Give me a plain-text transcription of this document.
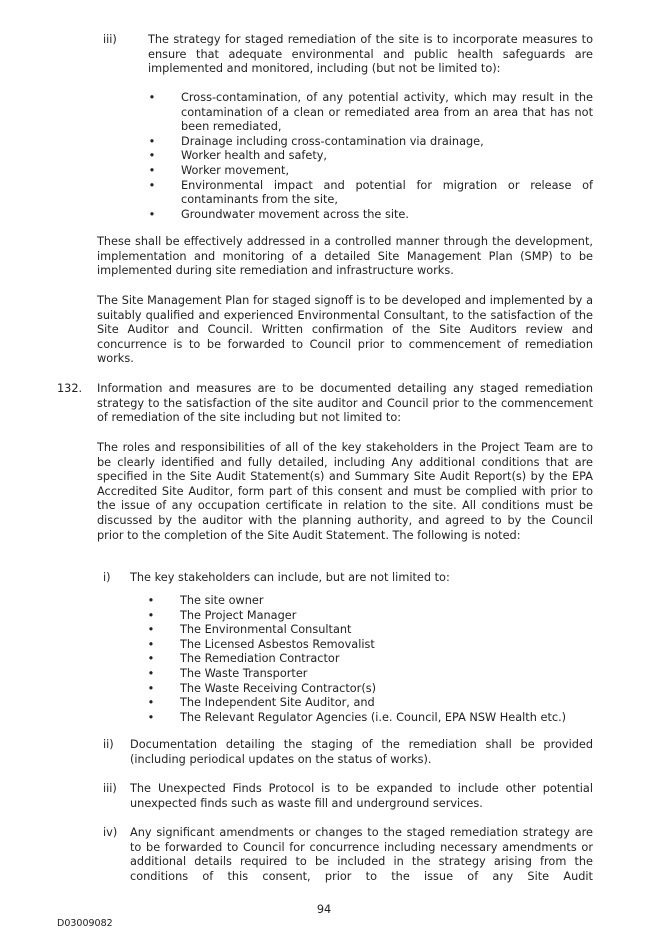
iii)	The strategy for staged remediation of the site is to incorporate measures to ensure that adequate environmental and public health safeguards are implemented and monitored, including (but not be limited to):

• Cross-contamination, of any potential activity, which may result in the contamination of a clean or remediated area from an area that has not been remediated,

• Drainage including cross-contamination via drainage,

• Worker health and safety,

• Worker movement,

• Environmental impact and potential for migration or release of contaminants from the site,

• Groundwater movement across the site.

These shall be effectively addressed in a controlled manner through the development, implementation and monitoring of a detailed Site Management Plan (SMP) to be implemented during site remediation and infrastructure works.

The Site Management Plan for staged signoff is to be developed and implemented by a suitably qualified and experienced Environmental Consultant, to the satisfaction of the Site Auditor and Council. Written confirmation of the Site Auditors review and concurrence is to be forwarded to Council prior to commencement of remediation works.

132.	Information and measures are to be documented detailing any staged remediation strategy to the satisfaction of the site auditor and Council prior to the commencement of remediation of the site including but not limited to:

The roles and responsibilities of all of the key stakeholders in the Project Team are to be clearly identified and fully detailed, including Any additional conditions that are specified in the Site Audit Statement(s) and Summary Site Audit Report(s) by the EPA Accredited Site Auditor, form part of this consent and must be complied with prior to the issue of any occupation certificate in relation to the site. All conditions must be discussed by the auditor with the planning authority, and agreed to by the Council prior to the completion of the Site Audit Statement. The following is noted:

i)	The key stakeholders can include, but are not limited to:

• The site owner

• The Project Manager

• The Environmental Consultant

• The Licensed Asbestos Removalist

• The Remediation Contractor

• The Waste Transporter

• The Waste Receiving Contractor(s)

• The Independent Site Auditor, and

• The Relevant Regulator Agencies (i.e. Council, EPA NSW Health etc.)

ii)	Documentation detailing the staging of the remediation shall be provided (including periodical updates on the status of works).

iii)	The Unexpected Finds Protocol is to be expanded to include other potential unexpected finds such as waste fill and underground services.

iv)	Any significant amendments or changes to the staged remediation strategy are to be forwarded to Council for concurrence including necessary amendments or additional details required to be included in the strategy arising from the conditions of this consent, prior to the issue of any Site Audit

94
D03009082
